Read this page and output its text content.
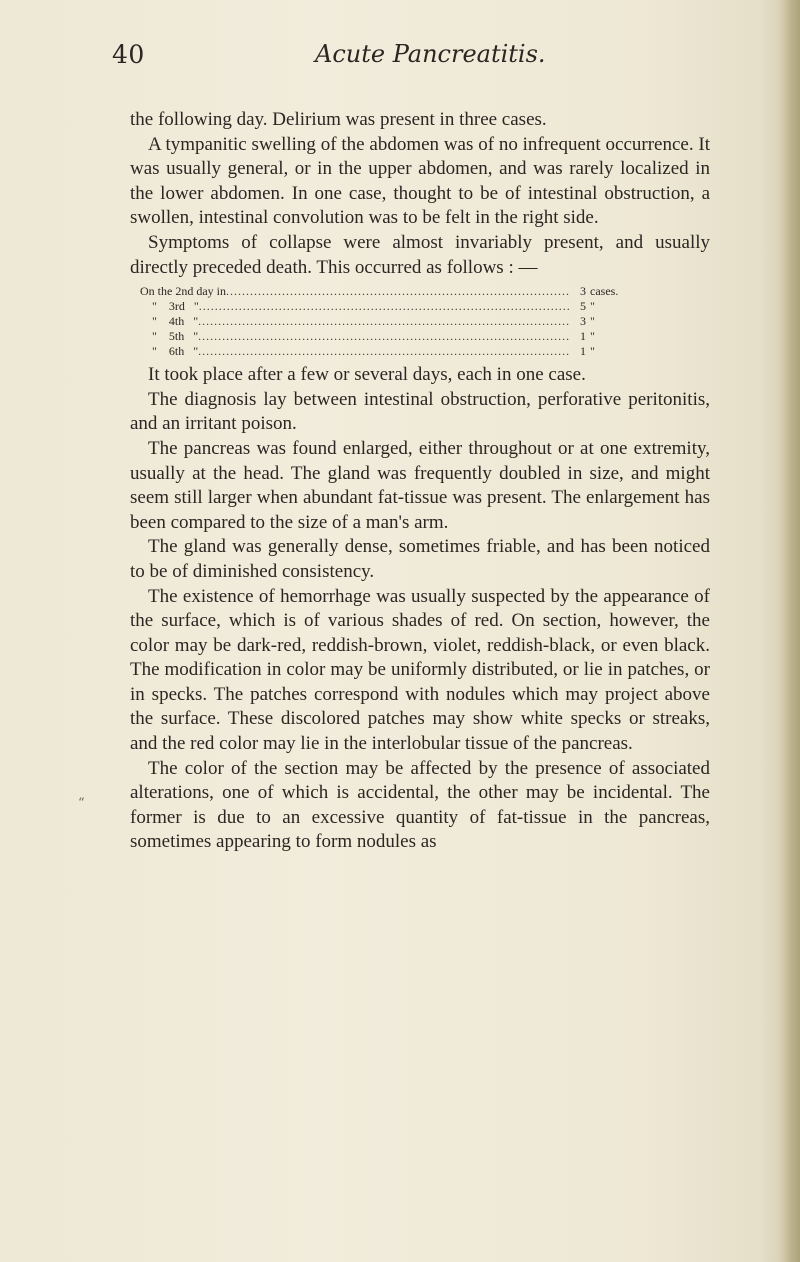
40	Acute Pancreatitis.

the following day. Delirium was present in three cases.

A tympanitic swelling of the abdomen was of no infrequent occurrence. It was usually general, or in the upper abdomen, and was rarely localized in the lower abdomen. In one case, thought to be of intestinal obstruction, a swollen, intestinal convolution was to be felt in the right side.

Symptoms of collapse were almost invariably present, and usually directly preceded death. This occurred as follows : —

On the 2nd day in .....	3 cases.
"    3rd   " .....	5 "
"    4th   " .....	3 "
"    5th   " .....	1 "
"    6th   " .....	1 "

It took place after a few or several days, each in one case.

The diagnosis lay between intestinal obstruction, perforative peritonitis, and an irritant poison.

The pancreas was found enlarged, either throughout or at one extremity, usually at the head. The gland was frequently doubled in size, and might seem still larger when abundant fat-tissue was present. The enlargement has been compared to the size of a man's arm.

The gland was generally dense, sometimes friable, and has been noticed to be of diminished consistency.

The existence of hemorrhage was usually suspected by the appearance of the surface, which is of various shades of red. On section, however, the color may be dark-red, reddish-brown, violet, reddish-black, or even black. The modification in color may be uniformly distributed, or lie in patches, or in specks. The patches correspond with nodules which may project above the surface. These discolored patches may show white specks or streaks, and the red color may lie in the interlobular tissue of the pancreas.

The color of the section may be affected by the presence of associated alterations, one of which is accidental, the other may be incidental. The former is due to an excessive quantity of fat-tissue in the pancreas, sometimes appearing to form nodules as

“
